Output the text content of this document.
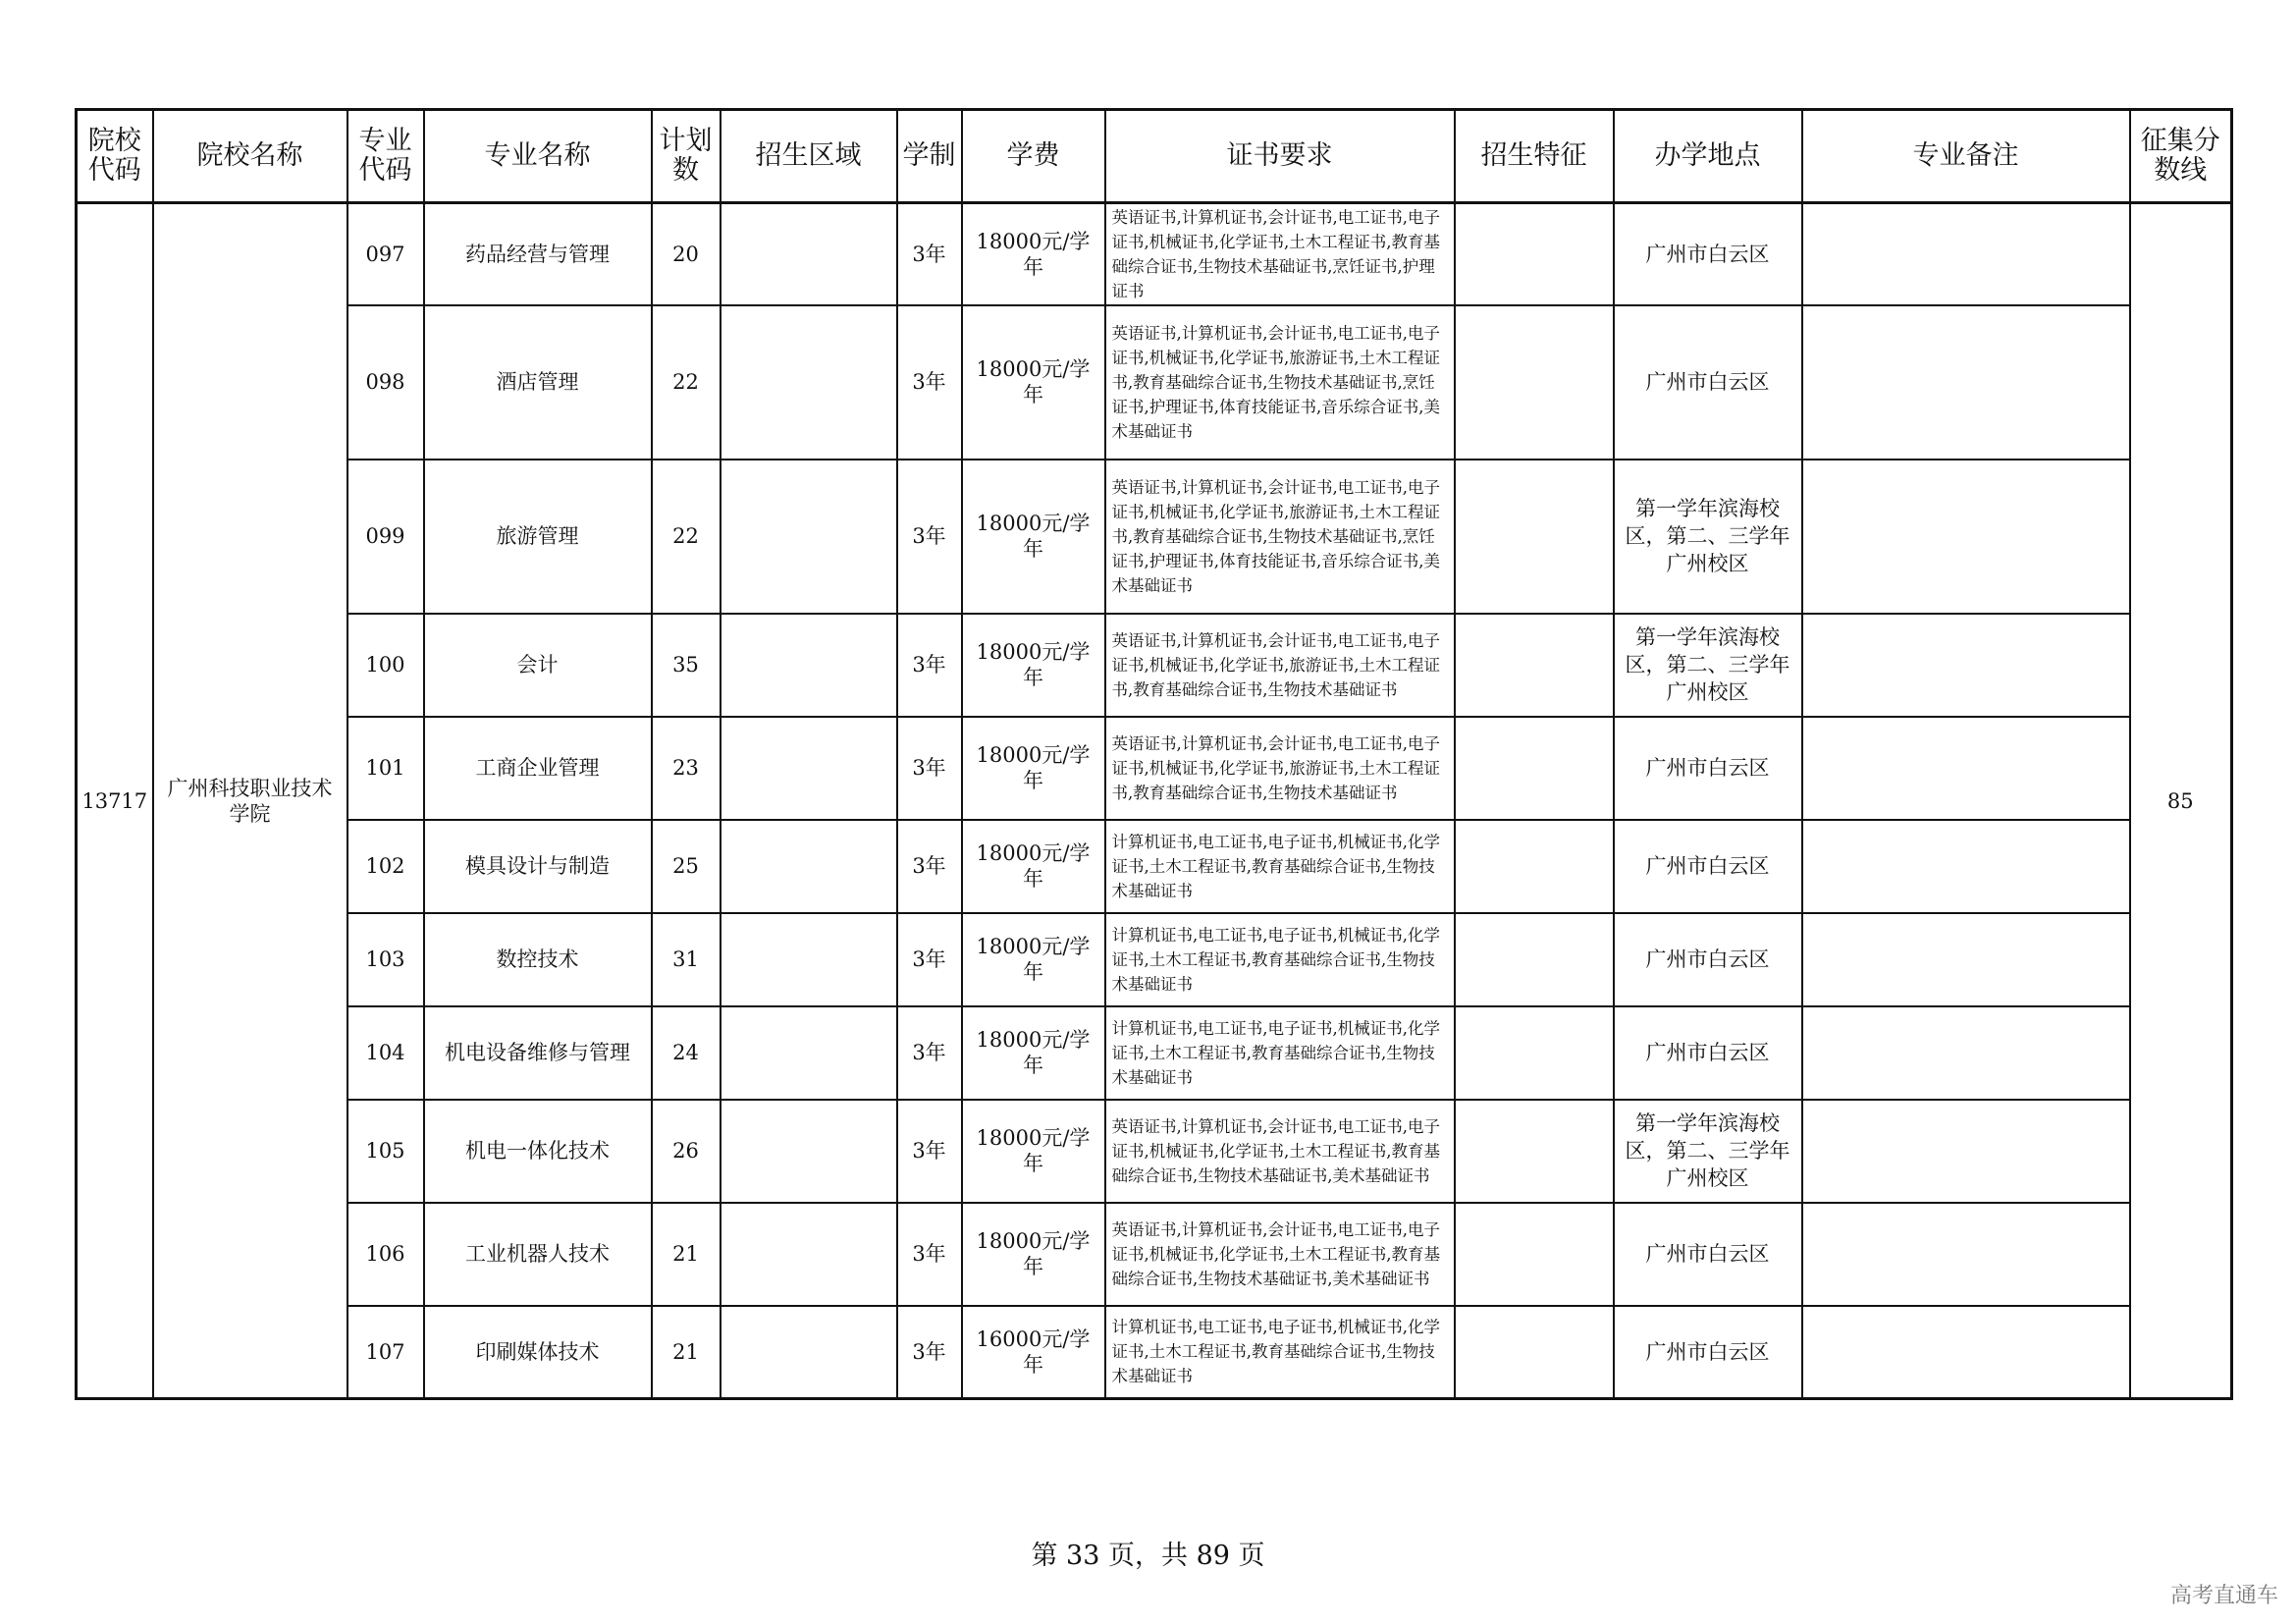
院校代码	院校名称	专业代码	专业名称	计划数	招生区域	学制	学费	证书要求	招生特征	办学地点	专业备注	征集分数线
13717	广州科技职业技术学院	097	药品经营与管理	20		3年	18000元/学年	英语证书,计算机证书,会计证书,电工证书,电子证书,机械证书,化学证书,土木工程证书,教育基础综合证书,生物技术基础证书,烹饪证书,护理证书		广州市白云区		85
		098	酒店管理	22		3年	18000元/学年	英语证书,计算机证书,会计证书,电工证书,电子证书,机械证书,化学证书,旅游证书,土木工程证书,教育基础综合证书,生物技术基础证书,烹饪证书,护理证书,体育技能证书,音乐综合证书,美术基础证书		广州市白云区		
		099	旅游管理	22		3年	18000元/学年	英语证书,计算机证书,会计证书,电工证书,电子证书,机械证书,化学证书,旅游证书,土木工程证书,教育基础综合证书,生物技术基础证书,烹饪证书,护理证书,体育技能证书,音乐综合证书,美术基础证书		第一学年滨海校区，第二、三学年广州校区		
		100	会计	35		3年	18000元/学年	英语证书,计算机证书,会计证书,电工证书,电子证书,机械证书,化学证书,旅游证书,土木工程证书,教育基础综合证书,生物技术基础证书		第一学年滨海校区，第二、三学年广州校区		
		101	工商企业管理	23		3年	18000元/学年	英语证书,计算机证书,会计证书,电工证书,电子证书,机械证书,化学证书,旅游证书,土木工程证书,教育基础综合证书,生物技术基础证书		广州市白云区		
		102	模具设计与制造	25		3年	18000元/学年	计算机证书,电工证书,电子证书,机械证书,化学证书,土木工程证书,教育基础综合证书,生物技术基础证书		广州市白云区		
		103	数控技术	31		3年	18000元/学年	计算机证书,电工证书,电子证书,机械证书,化学证书,土木工程证书,教育基础综合证书,生物技术基础证书		广州市白云区		
		104	机电设备维修与管理	24		3年	18000元/学年	计算机证书,电工证书,电子证书,机械证书,化学证书,土木工程证书,教育基础综合证书,生物技术基础证书		广州市白云区		
		105	机电一体化技术	26		3年	18000元/学年	英语证书,计算机证书,会计证书,电工证书,电子证书,机械证书,化学证书,土木工程证书,教育基础综合证书,生物技术基础证书,美术基础证书		第一学年滨海校区，第二、三学年广州校区		
		106	工业机器人技术	21		3年	18000元/学年	英语证书,计算机证书,会计证书,电工证书,电子证书,机械证书,化学证书,土木工程证书,教育基础综合证书,生物技术基础证书,美术基础证书		广州市白云区		
		107	印刷媒体技术	21		3年	16000元/学年	计算机证书,电工证书,电子证书,机械证书,化学证书,土木工程证书,教育基础综合证书,生物技术基础证书		广州市白云区		
第 33 页，共 89 页
高考直通车
